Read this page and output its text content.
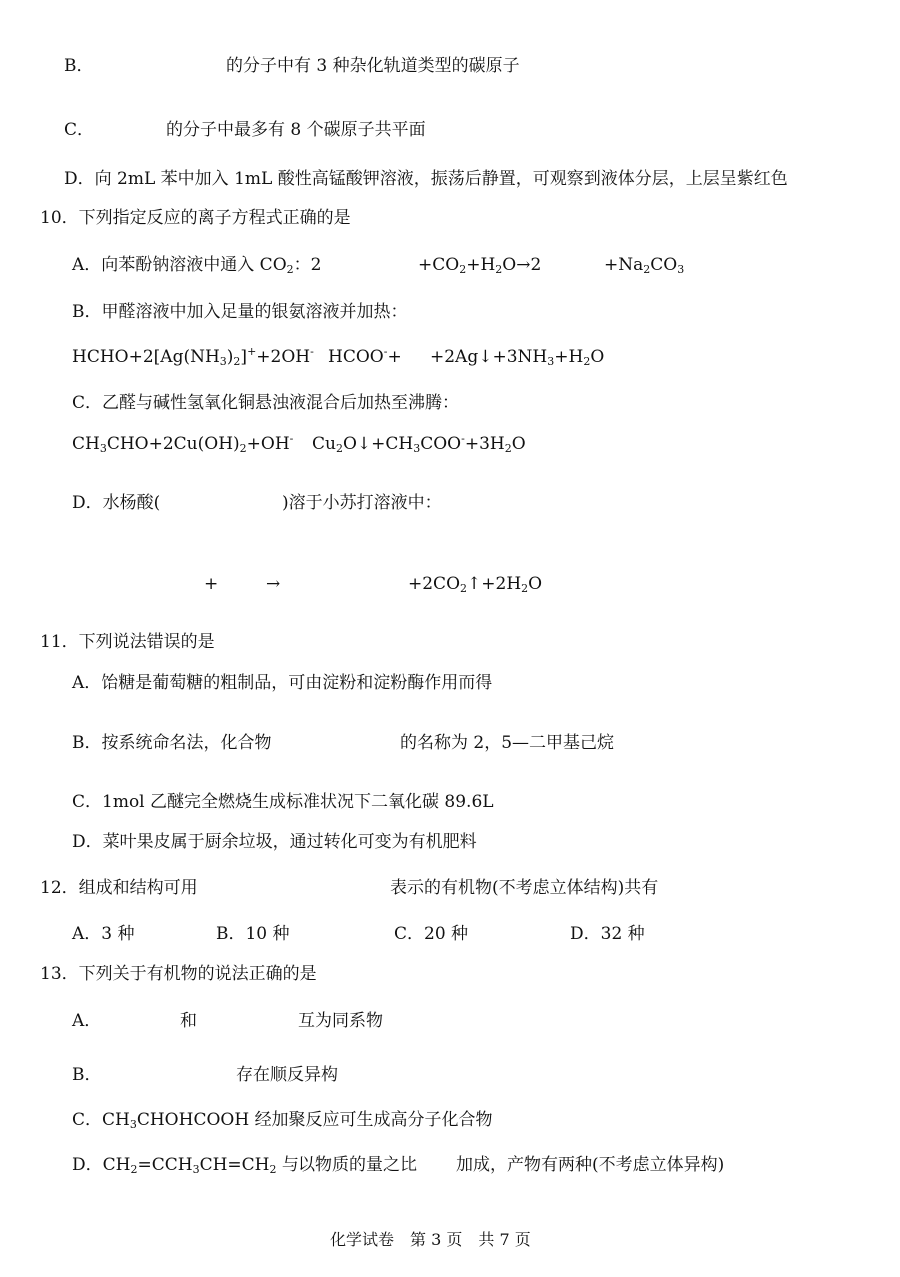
B．	的分子中有 3 种杂化轨道类型的碳原子
C．	的分子中最多有 8 个碳原子共平面
D．向 2mL 苯中加入 1mL 酸性高锰酸钾溶液，振荡后静置，可观察到液体分层，上层呈紫红色
10．下列指定反应的离子方程式正确的是
A．向苯酚钠溶液中通入 $CO_2$：2	$+CO_2+H_2O\to 2$	$+Na_2CO_3$
B．甲醛溶液中加入足量的银氨溶液并加热：
$HCHO+2[Ag(NH_3)_2]^++2OH^-$ HCOO-+ $+2Ag↓+3NH_3+H_2O$
C．乙醛与碱性氢氧化铜悬浊液混合后加热至沸腾：
$CH_3CHO+2Cu(OH)_2+OH^-$ $Cu_2O↓+CH_3COO^-+3H_2O$
D．水杨酸(	)溶于小苏打溶液中：
+	→	$+2CO_2↑+2H_2O$
11．下列说法错误的是
A．饴糖是葡萄糖的粗制品，可由淀粉和淀粉酶作用而得
B．按系统命名法，化合物	的名称为 2，5—二甲基己烷
C．1mol 乙醚完全燃烧生成标准状况下二氧化碳 89.6L
D．菜叶果皮属于厨余垃圾，通过转化可变为有机肥料
12．组成和结构可用	表示的有机物(不考虑立体结构)共有
A．3 种	B．10 种	C．20 种	D．32 种
13．下列关于有机物的说法正确的是
A．	和	互为同系物
B．	存在顺反异构
C．$CH_3CHOHCOOH$ 经加聚反应可生成高分子化合物
D．$CH_2=CCH_3CH=CH_2$ 与 以物质的量之比 加成，产物有两种(不考虑立体异构)
化学试卷　第 3 页　共 7 页
